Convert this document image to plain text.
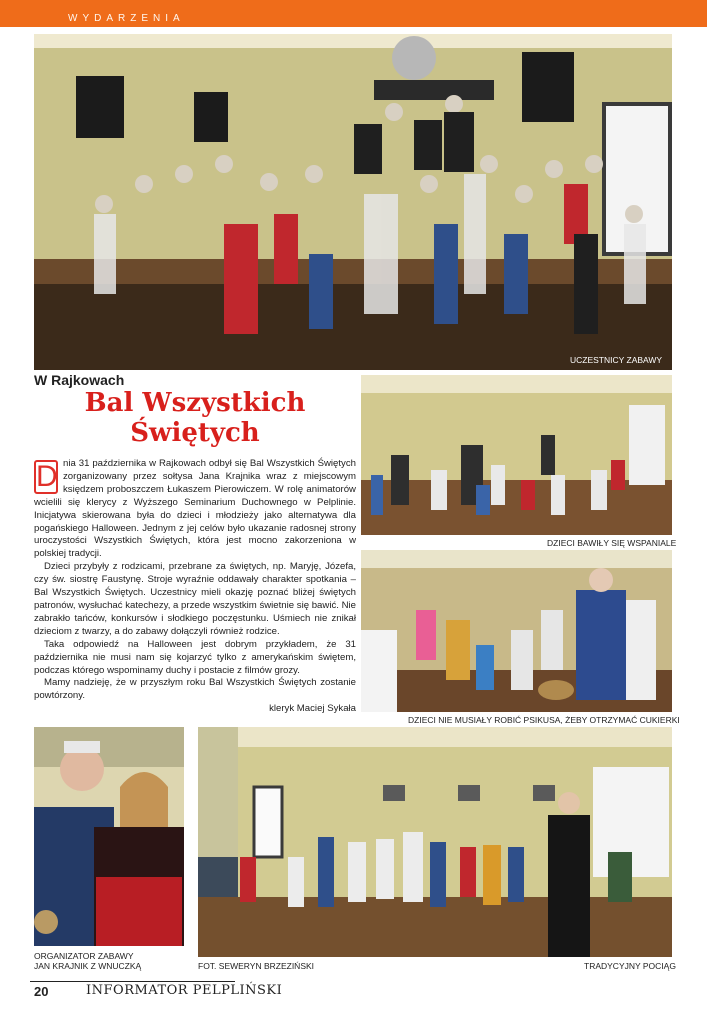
WYDARZENIA
UCZESTNICY ZABAWY
W Rajkowach
Bal Wszystkich
Świętych
D nia 31 października w Rajkowach odbył się Bal Wszystkich Świętych zorganizowany przez sołtysa Jana Krajnika wraz z miejscowym księdzem proboszczem Łukaszem Pierowiczem. W rolę animatorów wcielili się klerycy z Wyższego Seminarium Duchownego w Pelplinie. Inicjatywa skierowana była do dzieci i młodzieży jako alternatywa dla pogańskiego Halloween. Jednym z jej celów było ukazanie radosnej strony uroczystości Wszystkich Świętych, która jest mocno zakorzeniona w polskiej tradycji.

Dzieci przybyły z rodzicami, przebrane za świętych, np. Maryję, Józefa, czy św. siostrę Faustynę. Stroje wyraźnie oddawały charakter spotkania – Bal Wszystkich Świętych. Uczestnicy mieli okazję poznać bliżej świętych patronów, wysłuchać katechezy, a przede wszystkim świetnie się bawić. Nie zabrakło tańców, konkursów i słodkiego poczęstunku. Uśmiech nie znikał dzieciom z twarzy, a do zabawy dołączyli również rodzice.

Taka odpowiedź na Halloween jest dobrym przykładem, że 31 października nie musi nam się kojarzyć tylko z amerykańskim świętem, podczas którego wspominamy duchy i postacie z filmów grozy.

Mamy nadzieję, że w przyszłym roku Bal Wszystkich Świętych zostanie powtórzony.

kleryk Maciej Sykała
DZIECI BAWIŁY SIĘ WSPANIALE
DZIECI NIE MUSIAŁY ROBIĆ PSIKUSA, ŻEBY OTRZYMAĆ CUKIERKI
ORGANIZATOR ZABAWY
JAN KRAJNIK Z WNUCZKĄ	FOT. SEWERYN BRZEZIŃSKI	TRADYCYJNY POCIĄG
20	INFORMATOR PELPLIŃSKI
